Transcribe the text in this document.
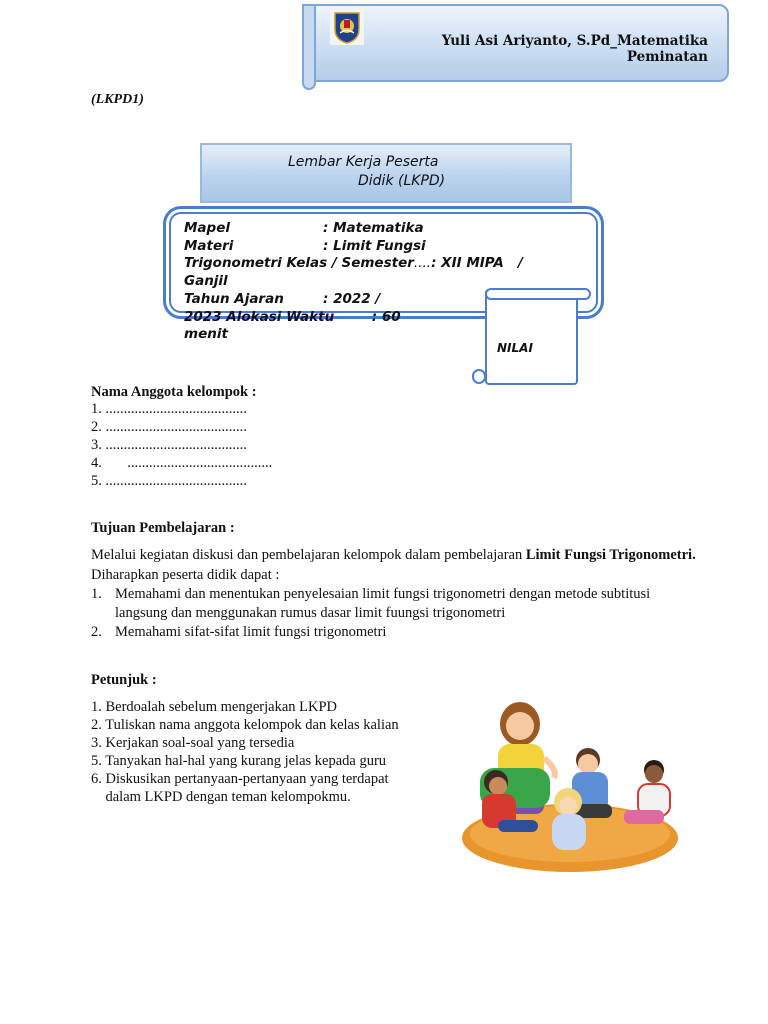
Yuli Asi Ariyanto, S.Pd_Matematika
Peminatan
(LKPD1)
Lembar Kerja Peserta
Didik (LKPD)
Mapel	: Matematika
Materi	: Limit Fungsi
Trigonometri Kelas / Semester....: XII MIPA   /
Ganjil
Tahun Ajaran	: 2022 /
2023 Alokasi Waktu        : 60
menit
NILAI
Nama Anggota kelompok :
1. .......................................
2. .......................................
3. .......................................
4.       ........................................
5. .......................................
Tujuan Pembelajaran :
Melalui kegiatan diskusi dan pembelajaran kelompok dalam pembelajaran Limit Fungsi Trigonometri. Diharapkan peserta didik dapat :
1. Memahami dan menentukan penyelesaian limit fungsi trigonometri dengan metode subtitusi langsung dan menggunakan rumus dasar limit fuungsi trigonometri
2. Memahami sifat-sifat limit fungsi trigonometri
Petunjuk :
1. Berdoalah sebelum mengerjakan LKPD
2. Tuliskan nama anggota kelompok dan kelas kalian
3. Kerjakan soal-soal yang tersedia
5. Tanyakan hal-hal yang kurang jelas kepada guru
6. Diskusikan pertanyaan-pertanyaan yang terdapat
dalam LKPD dengan teman kelompokmu.
